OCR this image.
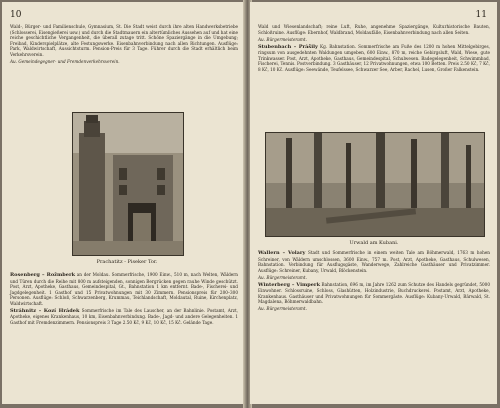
10

Wald-, Bürger- und Familienschule, Gymnasium, St. Die Stadt weist durch ihre alten Handwerksbetriebe (Schlosserei, Eisengießerei usw.) und durch die Stadtmauern ein altertümliches Aussehen auf und hat eine reiche geschichtliche Vergangenheit, die überall zutage tritt. Schöne Spaziergänge in die Umgebung; Freibad, Kinderspielplätze, alte Festungswerke. Eisenbahnverbindung nach allen Richtungen. Ausflüge: Park, Waldwirtschaft, Aussichtsturm. Pension-Preis für 3 Tage. Führer durch die Stadt erhältlich beim Verkehrsverein.

Au. Gemeindegegner- und Fremdenverkehrsverein.

Prachatitz - Piseker Tor.

Rosenberg – Rožmberk an der Moldau. Sommerfrische, 1900 Einw., 510 m, nach Welten, Wäldern und Türen durch die Reihe mit 800 m aufsteigenden, sonnigen Bergrücken gegen rauhe Winde geschützt. Post, Arzt, Apotheke, Gasthaus, Gemeindespital, Gt., Bahnstation 1 km entfernt. Bade-, Fischerei- und Jagdgelegenheit. 1 Gasthof und 15 Privatwohnungen mit 30 Zimmern. Pensionspreis für 200–300 Personen. Ausflüge: Schloß, Schwarzenberg, Krummau, Teichlandschaft, Moldautal, Ruine, Kirchenplatz, Waldwirtschaft.

Stráhnitz – Kozí Hrádek Sommerfrische im Tale des Lauscher, an der Bahnlinie. Postamt, Arzt, Apotheke, eigenes Krankenhaus, 10 km, Eisenbahnverbindung. Bade-, Jagd- und andere Gelegenheiten. 1 Gasthof mit Fremdenzimmern. Pensionspreis 3 Tage 2.50 Kč, 9 Kč, 10 Kč, 15 Kč. Gelände Tage.

11

Wald und Wiesenlandschaft; reine Luft, Ruhe, angenehme Spaziergänge, Kulturhistorische Bauten, Schloßruine. Ausflüge: Ebernhof, Waldbrand, Moldaufälle, Eisenbahnverbindung nach allen Seiten.

Au. Bürgermeisteramt.

Stubenbach – Prášily Kg. Bahnstation. Sommerfrische am Fuße des 1200 m hohen Mittelgebirges, ringsum von ausgedehnten Waldungen umgeben, 600 Einw., 870 m, reiche Gebirgsluft, Wald, Wiese, gute Trinkwasser. Post, Arzt, Apotheke, Gasthaus, Gemeindespital, Schulwesen. Badegelegenheit, Schwimmbad, Fischerei, Tennis. Postverbindung. 3 Gasthäuser, 12 Privatwohnungen, etwa 100 Betten. Preis 2.50 Kč, 7 Kč, 8 Kč, 10 Kč. Ausflüge: Seewände, Teufelssee, Schwarzer See, Arber, Rachel, Lusen, Großer Falkenstein.

Urwald am Kubani.

Wallern – Volary Stadt und Sommerfrische in einem weiten Tale am Böhmerwald, 1763 m hohen Schreiner, von Wäldern umschlossen, 3600 Einw., 757 m. Post, Arzt, Apotheke, Gasthaus, Schulwesen, Bahnstation. Verbindung für Ausflugsgäste, Wanderwege, Zahlreiche Gasthäuser und Privatzimmer. Ausflüge: Schreiner, Kubany, Urwald, Blöckenstein.

Au. Bürgermeisteramt.

Winterberg – Vimperk Bahnstation, 696 m, im Jahre 1262 zum Schutze des Handels gegründet, 5000 Einwohner. Schlossruine, Schloss, Glashütten, Holzindustrie, Buchdruckerei. Postamt, Arzt, Apotheke, Krankenhaus. Gasthäuser und Privatwohnungen für Sommergäste. Ausflüge: Kubany-Urwald, Bärwald, St. Magdalena, Böhmerwaldbahn.

Au. Bürgermeisteramt.
